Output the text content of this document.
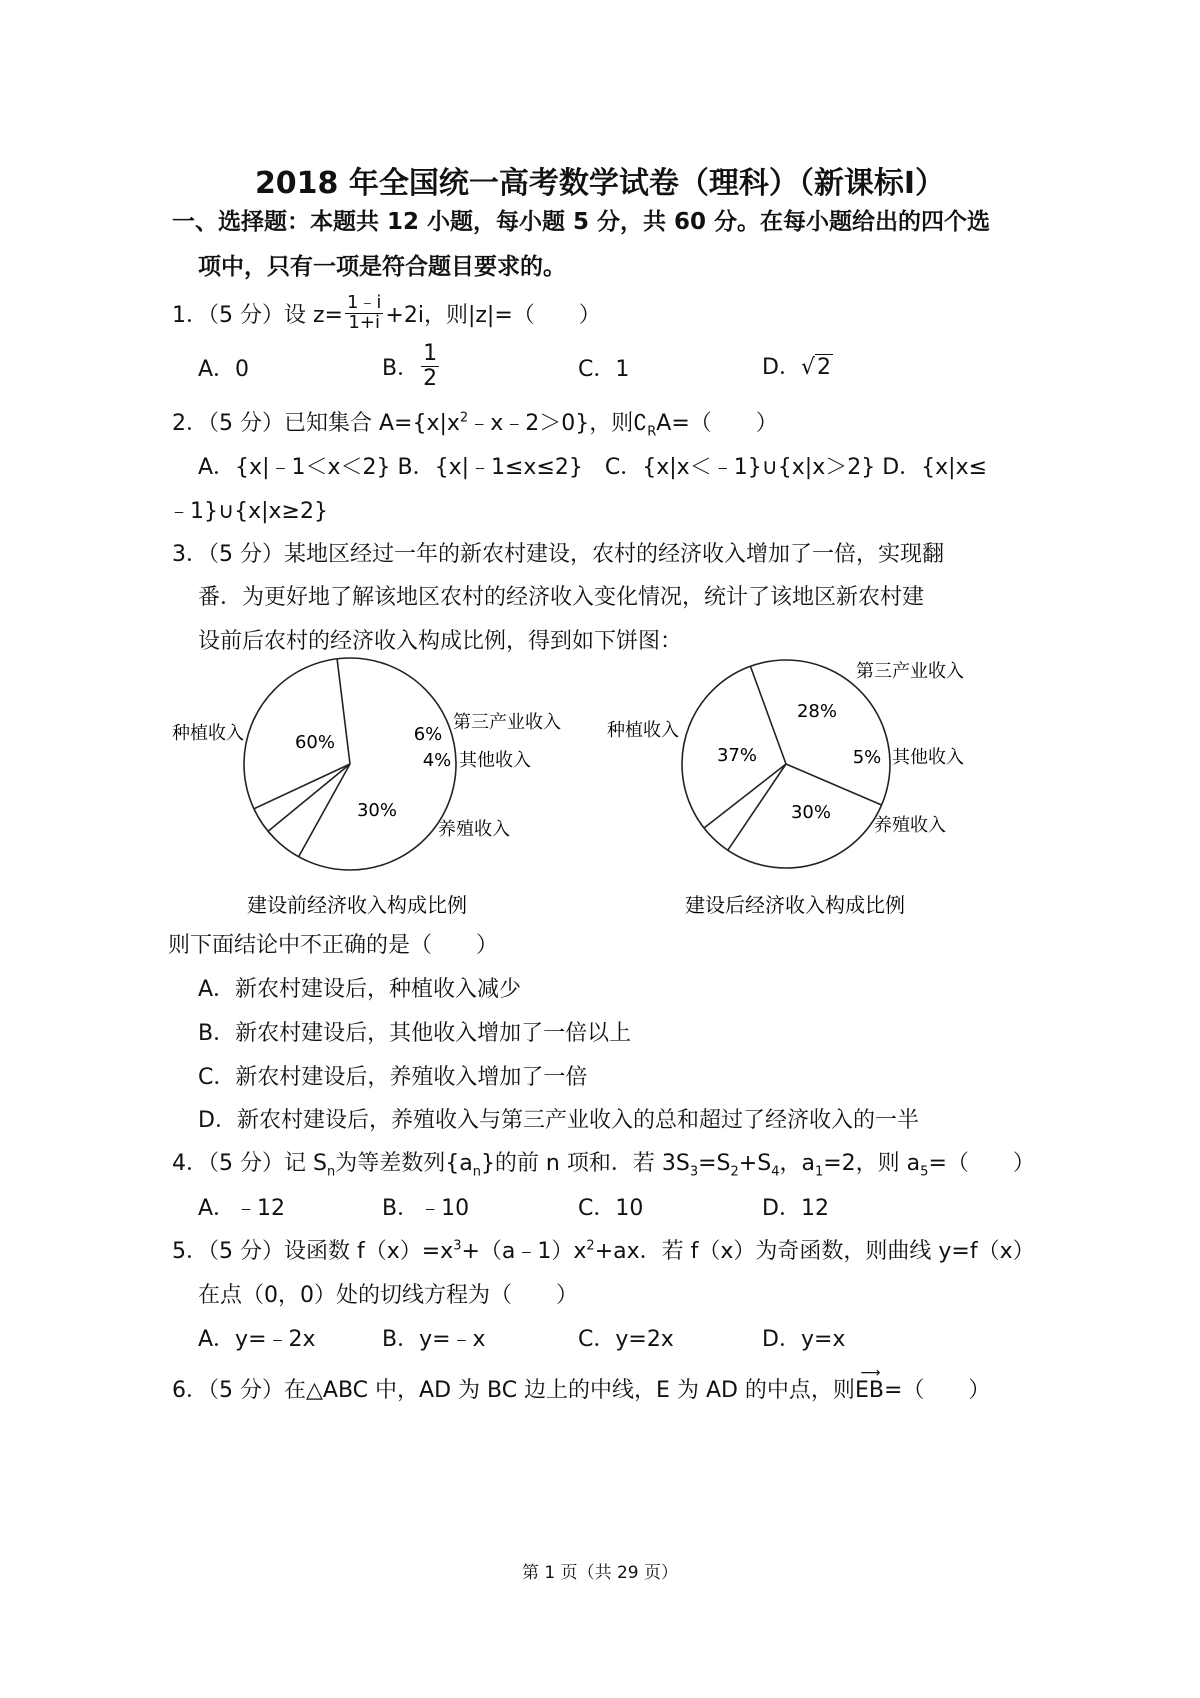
2018 年全国统一高考数学试卷（理科）（新课标Ⅰ）
一、选择题：本题共 12 小题，每小题 5 分，共 60 分。在每小题给出的四个选
项中，只有一项是符合题目要求的。
1．（5 分）设 $z= \frac{1﹣i}{1+i} +2i$，则|z|=（　　）
A．0	B． $\frac{1}{2}$	C．1	D．√2
2．（5 分）已知集合 $A=\{x|x^2﹣x﹣2>0\}$，则$∁_RA=$（　　）
A．{x|﹣1＜x＜2} B．{x|﹣1≤x≤2}　C．{x|x＜﹣1}∪{x|x＞2} D．{x|x≤
﹣1}∪{x|x≥2}
3．（5 分）某地区经过一年的新农村建设，农村的经济收入增加了一倍，实现翻
番．为更好地了解该地区农村的经济收入变化情况，统计了该地区新农村建
设前后农村的经济收入构成比例，得到如下饼图：
60%	6%
4%
30%
种植收入
第三产业收入
其他收入
养殖收入
37%
28%
5%
30%
种植收入
第三产业收入
其他收入
养殖收入
建设前经济收入构成比例	建设后经济收入构成比例
则下面结论中不正确的是（　　）
A．新农村建设后，种植收入减少
B．新农村建设后，其他收入增加了一倍以上
C．新农村建设后，养殖收入增加了一倍
D．新农村建设后，养殖收入与第三产业收入的总和超过了经济收入的一半
4．（5 分）记 $S_n$为等差数列$\{a_n\}$的前 n 项和．若 $3S_3=S_2+S_4$，$a_1=2$，则 $a_5=$（　　）
A．﹣12	B．﹣10	C．10	D．12
5．（5 分）设函数 $f(x)=x^3+(a﹣1)x^2+ax$．若 f（x）为奇函数，则曲线 y=f（x）
在点（0，0）处的切线方程为（　　）
A．y=﹣2x	B．y=﹣x	C．y=2x	D．y=x
6．（5 分）在△ABC 中，AD 为 BC 边上的中线，E 为 AD 的中点，则
⟶
EB=（　　）
第 1 页（共 29 页）
